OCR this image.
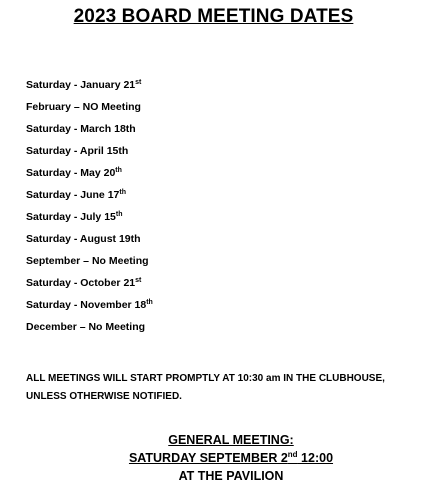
2023 BOARD MEETING DATES
Saturday - January 21st
February – NO Meeting
Saturday - March 18th
Saturday - April 15th
Saturday - May 20th
Saturday - June 17th
Saturday - July 15th
Saturday - August 19th
September – No Meeting
Saturday - October 21st
Saturday - November 18th
December – No Meeting
ALL MEETINGS WILL START PROMPTLY AT 10:30 am IN THE CLUBHOUSE, UNLESS OTHERWISE NOTIFIED.
GENERAL MEETING:
SATURDAY SEPTEMBER 2nd 12:00
AT THE PAVILION
